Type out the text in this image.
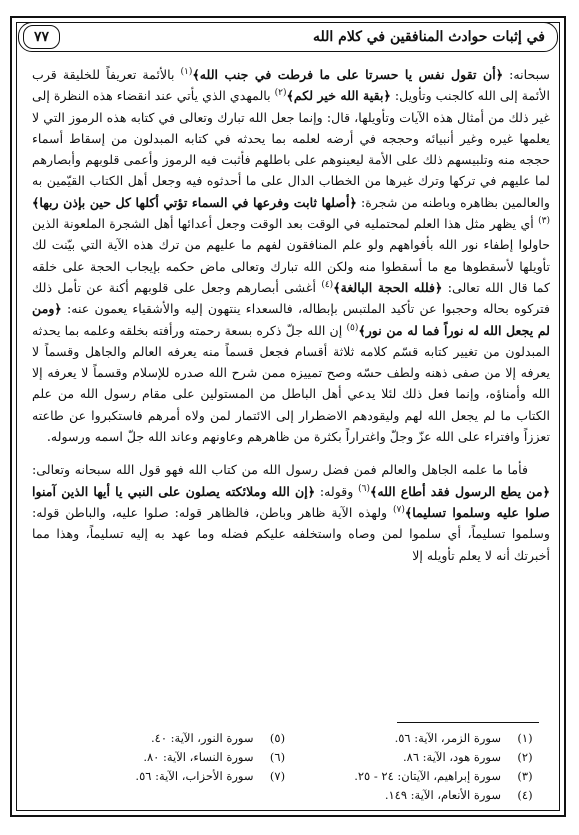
في إثبات حوادث المنافقين في كلام الله
٧٧

سبحانه: ﴿أن تقول نفس يا حسرتا على ما فرطت في جنب الله﴾$^{(١)}$ بالأئمة تعريفاً للخليقة قرب الأئمة إلى الله كالجنب وتأويل: ﴿بقية الله خير لكم﴾$^{(٢)}$ بالمهدي الذي يأتي عند انقضاء هذه النظرة إلى غير ذلك من أمثال هذه الآيات وتأويلها، قال: وإنما جعل الله تبارك وتعالى في كتابه هذه الرموز التي لا يعلمها غيره وغير أنبيائه وحججه في أرضه لعلمه بما يحدثه في كتابه المبدلون من إسقاط أسماء حججه منه وتلبيسهم ذلك على الأمة ليعينوهم على باطلهم فأثبت فيه الرموز وأعمى قلوبهم وأبصارهم لما عليهم في تركها وترك غيرها من الخطاب الدال على ما أحدثوه فيه وجعل أهل الكتاب القيّمين به والعالمين بظاهره وباطنه من شجرة: ﴿أصلها ثابت وفرعها في السماء تؤتي أكلها كل حين بإذن ربها﴾$^{(٣)}$ أي يظهر مثل هذا العلم لمحتمليه في الوقت بعد الوقت وجعل أعدائها أهل الشجرة الملعونة الذين حاولوا إطفاء نور الله بأفواههم ولو علم المنافقون لفهم ما عليهم من ترك هذه الآية التي بيّنت لك تأويلها لأسقطوها مع ما أسقطوا منه ولكن الله تبارك وتعالى ماض حكمه بإيجاب الحجة على خلقه كما قال الله تعالى: ﴿فلله الحجة البالغة﴾$^{(٤)}$ أغشى أبصارهم وجعل على قلوبهم أكنة عن تأمل ذلك فتركوه بحاله وحجبوا عن تأكيد الملتبس بإبطاله، فالسعداء ينتهون إليه والأشقياء يعمون عنه: ﴿ومن لم يجعل الله له نوراً فما له من نور﴾$^{(٥)}$ إن الله جلّ ذكره بسعة رحمته ورأفته بخلقه وعلمه بما يحدثه المبدلون من تغيير كتابه قسّم كلامه ثلاثة أقسام فجعل قسماً منه يعرفه العالم والجاهل وقسماً لا يعرفه إلا من صفى ذهنه ولطف حسّه وصح تمييزه ممن شرح الله صدره للإسلام وقسماً لا يعرفه إلا الله وأمناؤه، وإنما فعل ذلك لئلا يدعي أهل الباطل من المستولين على مقام رسول الله من علم الكتاب ما لم يجعل الله لهم وليقودهم الاضطرار إلى الائتمار لمن ولاه أمرهم فاستكبروا عن طاعته تعززاً وافتراء على الله عزّ وجلّ واغتراراً بكثرة من ظاهرهم وعاونهم وعاند الله جلّ اسمه ورسوله.

فأما ما علمه الجاهل والعالم فمن فضل رسول الله من كتاب الله فهو قول الله سبحانه وتعالى: ﴿من يطع الرسول فقد أطاع الله﴾$^{(٦)}$ وقوله: ﴿إن الله وملائكته يصلون على النبي يا أيها الذين آمنوا صلوا عليه وسلموا تسليما﴾$^{(٧)}$ ولهذه الآية ظاهر وباطن، فالظاهر قوله: صلوا عليه، والباطن قوله: وسلموا تسليماً، أي سلموا لمن وصاه واستخلفه عليكم فضله وما عهد به إليه تسليماً، وهذا مما أخبرتك أنه لا يعلم تأويله إلا

(١)
سورة الزمر، الآية: ٥٦.
(٢)
سورة هود، الآية: ٨٦.
(٣)
سورة إبراهيم، الآيتان: ٢٤ - ٢٥.
(٤)
سورة الأنعام، الآية: ١٤٩.
(٥)
سورة النور، الآية: ٤٠.
(٦)
سورة النساء، الآية: ٨٠.
(٧)
سورة الأحزاب، الآية: ٥٦.
